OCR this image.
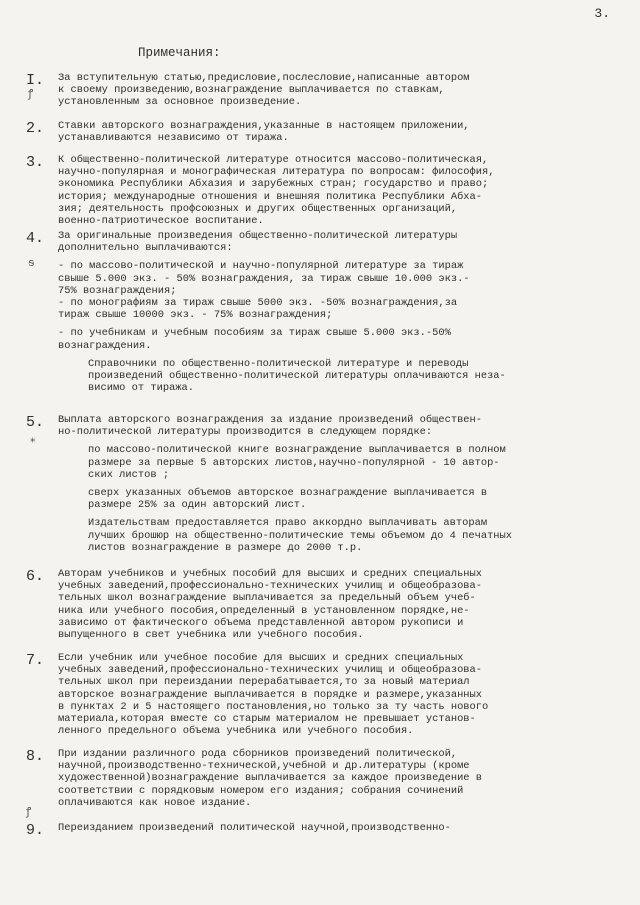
3.
Примечания:
I. За вступительную статью,предисловие,послесловие,написанные автором
к своему произведению,вознаграждение выплачивается по ставкам,
установленным за основное произведение.

2. Ставки авторского вознаграждения,указанные в настоящем приложении,
устанавливаются независимо от тиража.

3. К общественно-политической литературе относится массово-политическая,
научно-популярная и монографическая литература по вопросам: философия,
экономика Республики Абхазия и зарубежных стран; государство и право;
история; международные отношения и внешняя политика Республики Абха-
зия; деятельность профсоюзных и других общественных организаций,
военно-патриотическое воспитание.

4. За оригинальные произведения общественно-политической литературы
дополнительно выплачиваются:

- по массово-политической и научно-популярной литературе за тираж
свыше 5.000 экз. - 50% вознаграждения, за тираж свыше 10.000 экз.-
75% вознаграждения;

- по монографиям за тираж свыше 5000 экз. -50% вознаграждения,за
тираж свыше 10000 экз. - 75% вознаграждения;

- по учебникам и учебным пособиям за тираж свыше 5.000 экз.-50%
вознаграждения.

Справочники по общественно-политической литературе и переводы
произведений общественно-политической литературы оплачиваются неза-
висимо от тиража.

5. Выплата авторского вознаграждения за издание произведений обществен-
но-политической литературы производится в следующем порядке:

по массово-политической книге вознаграждение выплачивается в полном
размере за первые 5 авторских листов,научно-популярной - 10 автор-
ских листов ;

сверх указанных объемов авторское вознаграждение выплачивается в
размере 25% за один авторский лист.

Издательствам предоставляется право аккордно выплачивать авторам
лучших брошюр на общественно-политические темы объемом до 4 печатных
листов вознаграждение в размере до 2000 т.р.

6. Авторам учебников и учебных пособий для высших и средних специальных
учебных заведений,профессионально-технических училищ и общеобразова-
тельных школ вознаграждение выплачивается за предельный объем учеб-
ника или учебного пособия,определенный в установленном порядке,не-
зависимо от фактического объема представленной автором рукописи и
выпущенного в свет учебника или учебного пособия.

7. Если учебник или учебное пособие для высших и средних специальных
учебных заведений,профессионально-технических училищ и общеобразова-
тельных школ при переиздании перерабатывается,то за новый материал
авторское вознаграждение выплачивается в порядке и размере,указанных
в пунктах 2 и 5 настоящего постановления,но только за ту часть нового
материала,которая вместе со старым материалом не превышает установ-
ленного предельного объема учебника или учебного пособия.

8. При издании различного рода сборников произведений политической,
научной,производственно-технической,учебной и др.литературы (кроме
художественной)вознаграждение выплачивается за каждое произведение в
соответствии с порядковым номером его издания; собрания сочинений
оплачиваются как новое издание.

9. Переизданием произведений политической научной,производственно-

ꝭ
ᵴ
⁎
ꝭ
